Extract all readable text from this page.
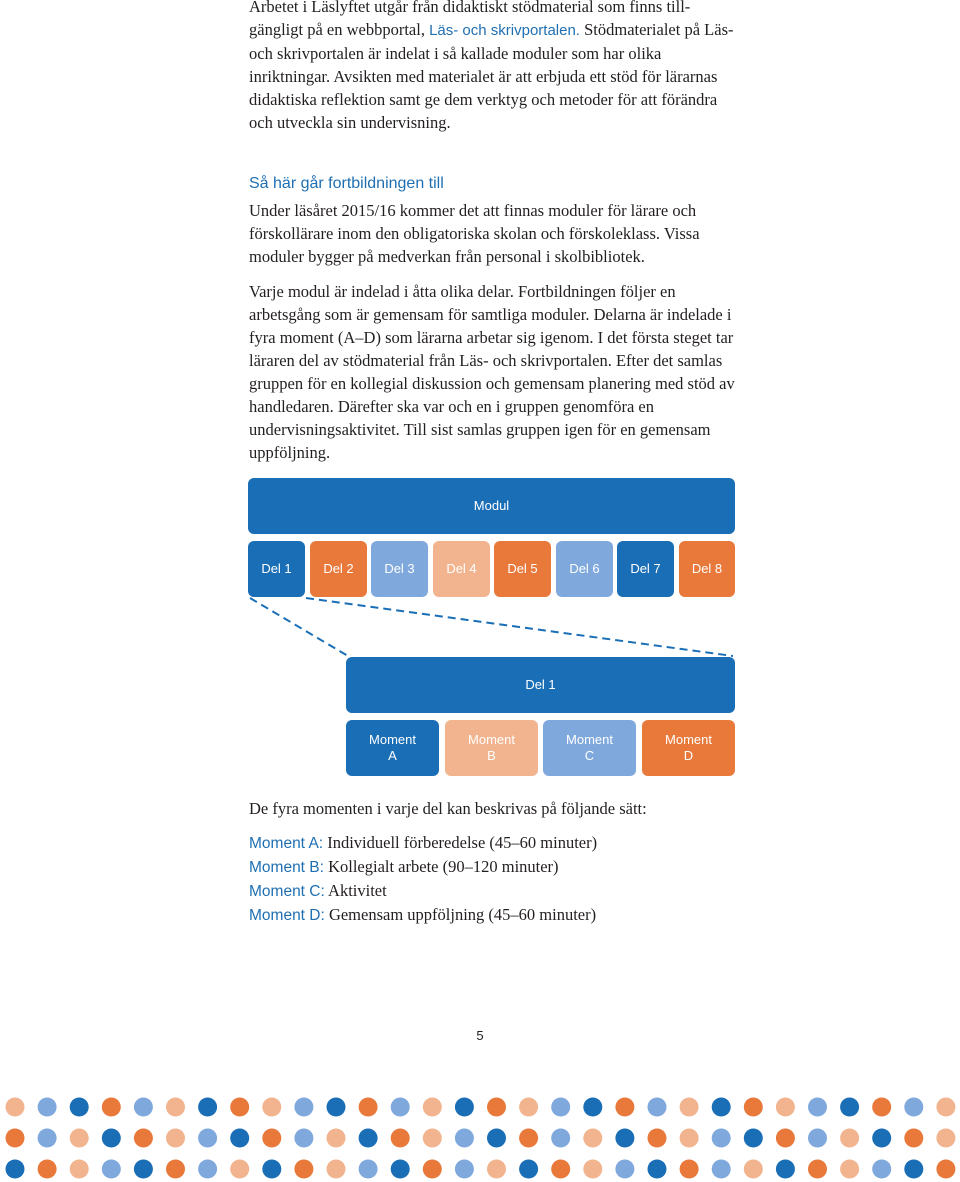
Arbetet i Läslyftet utgår från didaktiskt stödmaterial som finns till-
gängligt på en webbportal, Läs- och skrivportalen. Stödmaterialet på Läs- och skrivportalen är indelat i så kallade moduler som har olika inriktningar. Avsikten med materialet är att erbjuda ett stöd för lärarnas didaktiska reflektion samt ge dem verktyg och metoder för att förändra och utveckla sin undervisning.

Så här går fortbildningen till

Under läsåret 2015/16 kommer det att finnas moduler för lärare och förskollärare inom den obligatoriska skolan och förskoleklass. Vissa moduler bygger på medverkan från personal i skolbibliotek.

Varje modul är indelad i åtta olika delar. Fortbildningen följer en arbetsgång som är gemensam för samtliga moduler. Delarna är indelade i fyra moment (A–D) som lärarna arbetar sig igenom. I det första steget tar läraren del av stödmaterial från Läs- och skrivportalen. Efter det samlas gruppen för en kollegial diskussion och gemensam planering med stöd av handledaren. Därefter ska var och en i gruppen genomföra en undervisningsaktivitet. Till sist samlas gruppen igen för en gemensam uppföljning.

Modul
Del 1 Del 2 Del 3 Del 4 Del 5 Del 6 Del 7 Del 8
Del 1
Moment
A
Moment
B
Moment
C
Moment
D

De fyra momenten i varje del kan beskrivas på följande sätt:

Moment A: Individuell förberedelse (45–60 minuter)
Moment B: Kollegialt arbete (90–120 minuter)
Moment C: Aktivitet
Moment D: Gemensam uppföljning (45–60 minuter)
5
